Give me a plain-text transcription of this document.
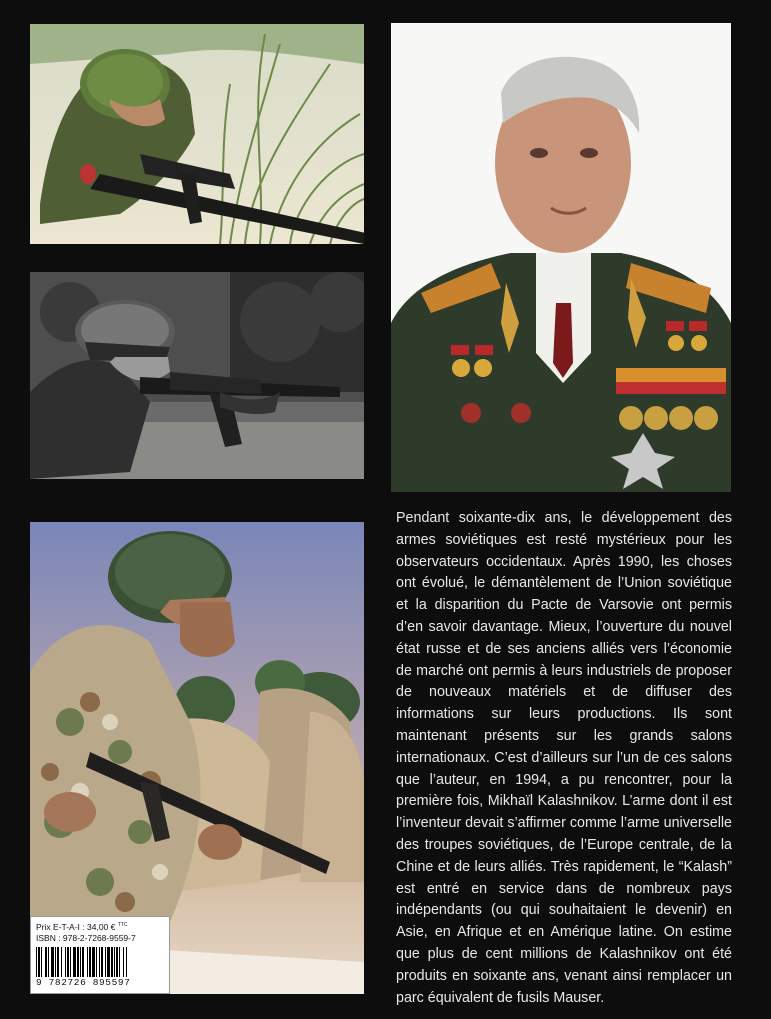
Pendant soixante-dix ans, le développement des armes soviétiques est resté mystérieux pour les observateurs occidentaux. Après 1990, les choses ont évolué, le démantèlement de l’Union soviétique et la disparition du Pacte de Varsovie ont permis d’en savoir davantage. Mieux, l’ouverture du nouvel état russe et de ses anciens alliés vers l’économie de marché ont permis à leurs industriels de proposer de nouveaux matériels et de diffuser des informations sur leurs productions. Ils sont maintenant présents sur les grands salons internationaux. C’est d’ailleurs sur l’un de ces salons que l’auteur, en 1994, a pu rencontrer, pour la première fois, Mikhaïl Kalashnikov. L’arme dont il est l’inventeur devait s’affirmer comme l’arme universelle des troupes soviétiques, de l’Europe centrale, de la Chine et de leurs alliés. Très rapidement, le “Kalash” est entré en service dans de nombreux pays indépendants (ou qui souhaitaient le devenir) en Asie, en Afrique et en Amérique latine. On estime que plus de cent millions de Kalashnikov ont été produits en soixante ans, venant ainsi remplacer un parc équivalent de fusils Mauser.

Prix E-T-A-I : 34,00 € $^{TTC}$
ISBN : 978-2-7268-9559-7
9 782726 895597
